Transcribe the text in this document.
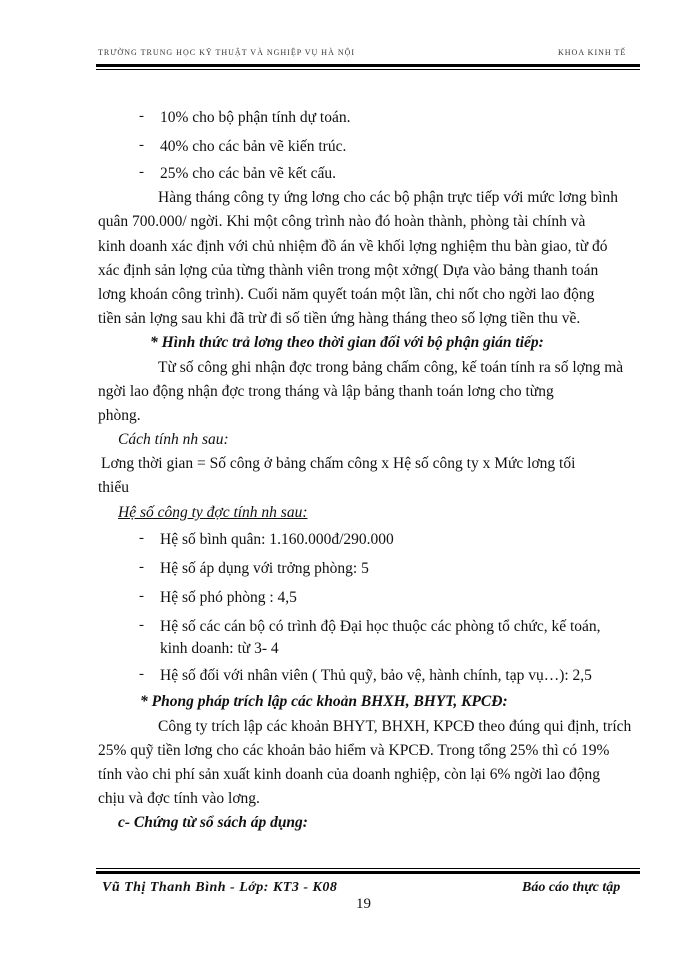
TRƯỜNG TRUNG HỌC KỸ THUẬT VÀ NGHIỆP VỤ HÀ NỘI	KHOA KINH TẾ
- 10% cho bộ phận tính dự toán.
- 40% cho các bản vẽ kiến trúc.
- 25% cho các bản vẽ kết cấu.
Hàng tháng công ty ứng lơng cho các bộ phận trực tiếp với mức lơng bình
quân 700.000/ ngời. Khi một công trình nào đó hoàn thành, phòng tài chính và
kinh doanh xác định với chủ nhiệm đồ án về khối lợng nghiệm thu bàn giao, từ đó
xác định sản lợng của từng thành viên trong một xởng( Dựa vào bảng thanh toán
lơng khoán công trình). Cuối năm quyết toán một lần, chi nốt cho ngời lao động
tiền sản lợng sau khi đã trừ đi số tiền ứng hàng tháng theo số lợng tiền thu về.
* Hình thức trả lơng theo thời gian đối với bộ phận gián tiếp:
Từ số công ghi nhận đợc trong bảng chấm công, kế toán tính ra số lợng mà
ngời lao động nhận đợc trong tháng và lập bảng thanh toán lơng cho từng
phòng.
Cách tính nh sau:
Lơng thời gian = Số công ở bảng chấm công x Hệ số công ty x Mức lơng tối
thiểu
Hệ số công ty đợc tính nh sau:
- Hệ số bình quân: 1.160.000đ/290.000
- Hệ số áp dụng với trởng phòng: 5
- Hệ số phó phòng : 4,5
- Hệ số các cán bộ có trình độ Đại học thuộc các phòng tổ chức, kế toán,
kinh doanh: từ 3- 4
- Hệ số đối với nhân viên ( Thủ quỹ, bảo vệ, hành chính, tạp vụ…): 2,5
* Phong pháp trích lập các khoản BHXH, BHYT, KPCĐ:
Công ty trích lập các khoản BHYT, BHXH, KPCĐ theo đúng qui định, trích
25% quỹ tiền lơng cho các khoản bảo hiểm và KPCĐ. Trong tổng 25% thì có 19%
tính vào chi phí sản xuất kinh doanh của doanh nghiệp, còn lại 6% ngời lao động
chịu và đợc tính vào lơng.
c- Chứng từ sổ sách áp dụng:
Vũ Thị Thanh Bình - Lớp: KT3 - K08	Báo cáo thực tập
19
